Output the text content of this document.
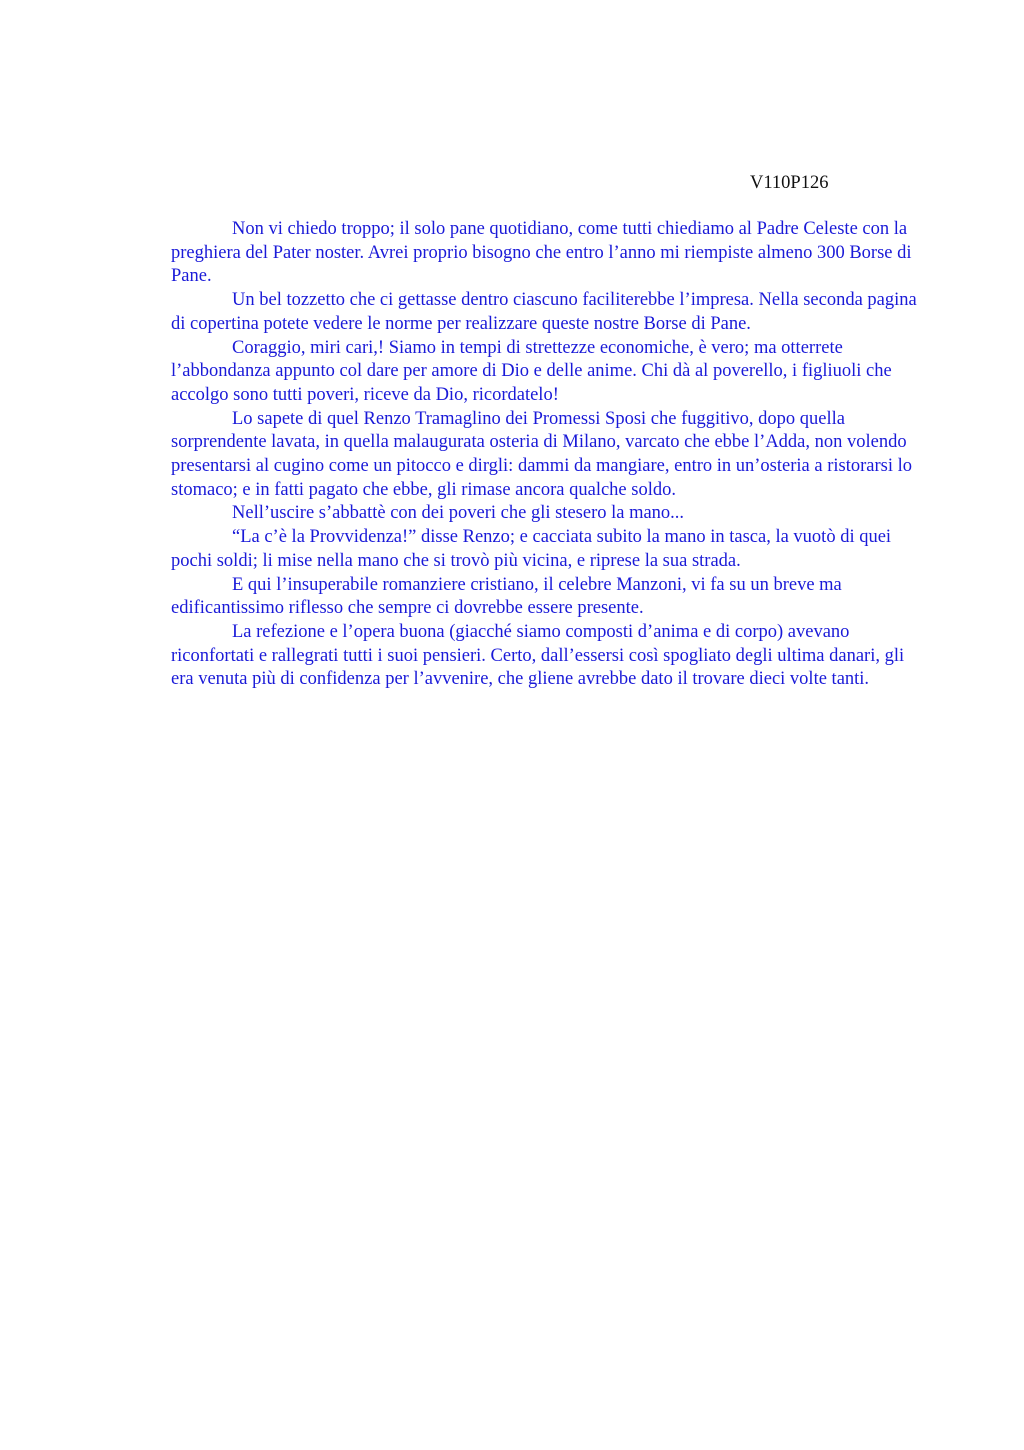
V110P126

Non vi chiedo troppo; il solo pane quotidiano, come tutti chiediamo al Padre Celeste con la preghiera del Pater noster. Avrei proprio bisogno che entro l’anno mi riempiste almeno 300 Borse di Pane.

Un bel tozzetto che ci gettasse dentro ciascuno faciliterebbe l’impresa. Nella seconda pagina di copertina potete vedere le norme per realizzare queste nostre Borse di Pane.

Coraggio, miri cari,! Siamo in tempi di strettezze economiche, è vero; ma otterrete l’abbondanza appunto col dare per amore di Dio e delle anime. Chi dà al poverello, i figliuoli che accolgo sono tutti poveri, riceve da Dio, ricordatelo!

Lo sapete di quel Renzo Tramaglino dei Promessi Sposi che fuggitivo, dopo quella sorprendente lavata, in quella malaugurata osteria di Milano, varcato che ebbe l’Adda, non volendo presentarsi al cugino come un pitocco e dirgli: dammi da mangiare, entro in un’osteria a ristorarsi lo stomaco; e in fatti pagato che ebbe, gli rimase ancora qualche soldo.

Nell’uscire s’abbattè con dei poveri che gli stesero la mano...

“La c’è la Provvidenza!” disse Renzo; e cacciata subito la mano in tasca, la vuotò di quei pochi soldi; li mise nella mano che si trovò più vicina, e riprese la sua strada.

E qui l’insuperabile romanziere cristiano, il celebre Manzoni, vi fa su un breve ma edificantissimo riflesso che sempre ci dovrebbe essere presente.

La refezione e l’opera buona (giacché siamo composti d’anima e di corpo) avevano riconfortati e rallegrati tutti i suoi pensieri. Certo, dall’essersi così spogliato degli ultima danari, gli era venuta più di confidenza per l’avvenire, che gliene avrebbe dato il trovare dieci volte tanti.
